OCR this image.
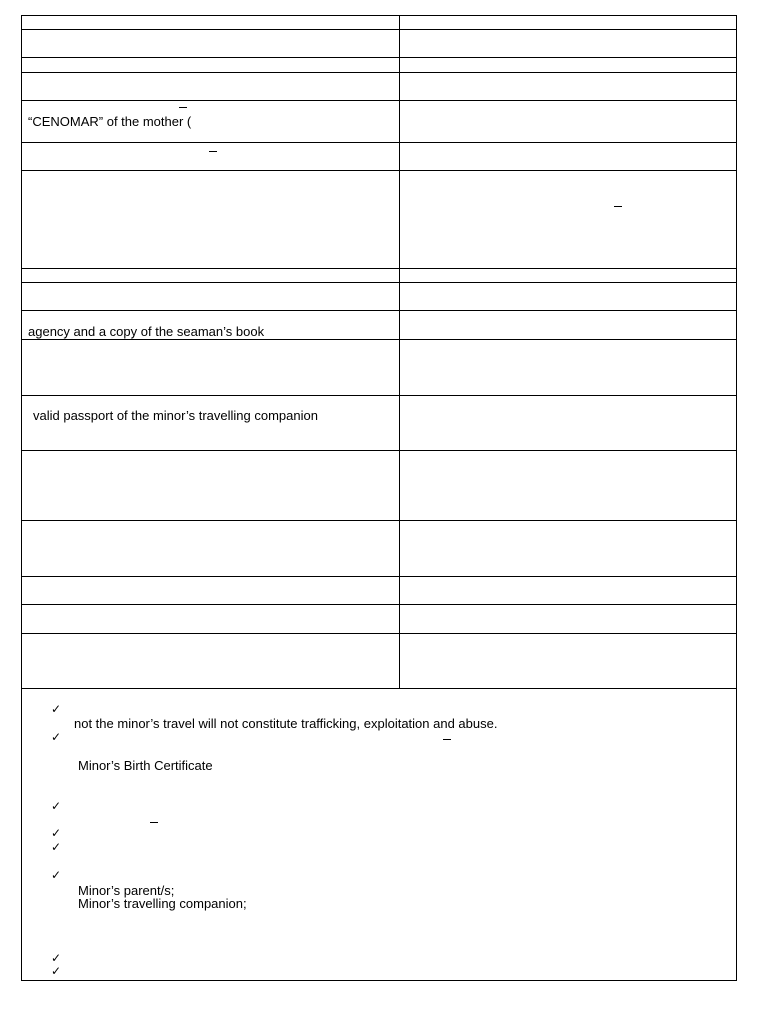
“CENOMAR” of the mother (
agency and a copy of the seaman’s book
valid passport of the minor’s travelling companion
✓
not the minor’s travel will not constitute trafficking, exploitation and abuse.
✓
Minor’s Birth Certificate
✓
✓
✓
✓
Minor’s parent/s;
Minor’s travelling companion;
✓
✓
